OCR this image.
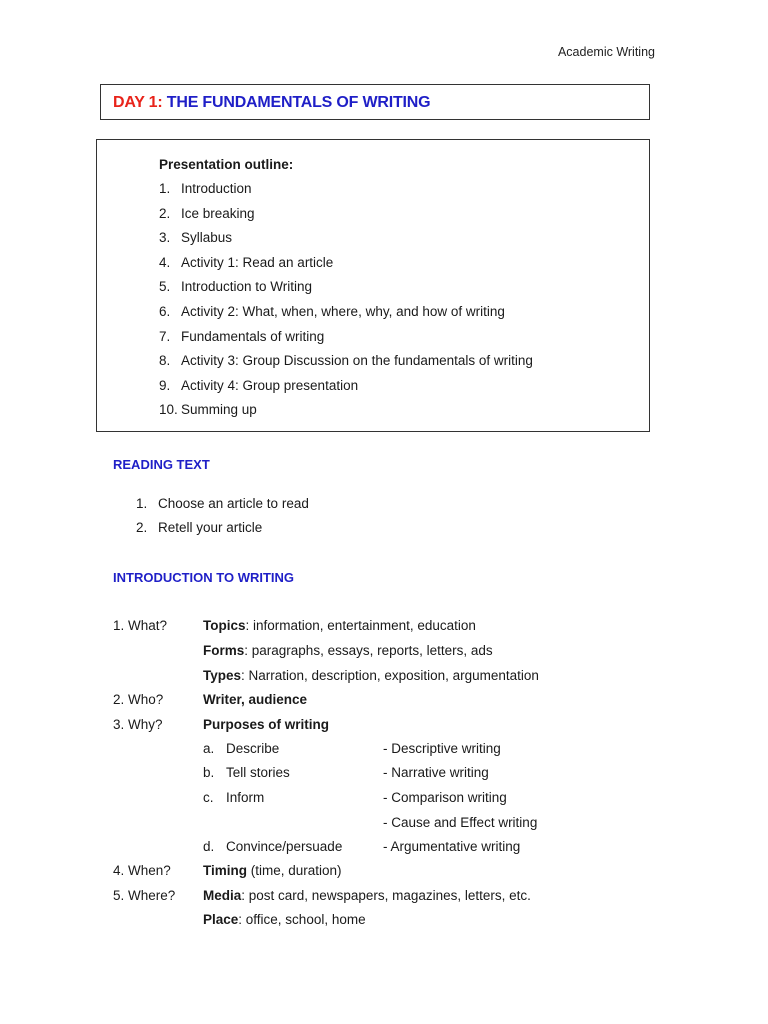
Academic Writing
DAY 1: THE FUNDAMENTALS OF WRITING
Presentation outline:
1. Introduction
2. Ice breaking
3. Syllabus
4. Activity 1: Read an article
5. Introduction to Writing
6. Activity 2: What, when, where, why, and how of writing
7. Fundamentals of writing
8. Activity 3: Group Discussion on the fundamentals of writing
9. Activity 4: Group presentation
10. Summing up
READING TEXT
1. Choose an article to read
2. Retell your article
INTRODUCTION TO WRITING
1. What?	Topics: information, entertainment, education
Forms: paragraphs, essays, reports, letters, ads
Types: Narration, description, exposition, argumentation
2. Who?	Writer, audience
3. Why?	Purposes of writing
a. Describe	- Descriptive writing
b. Tell stories	- Narrative writing
c. Inform	- Comparison writing
- Cause and Effect writing
d. Convince/persuade	- Argumentative writing
4. When? Timing (time, duration)
5. Where? Media: post card, newspapers, magazines, letters, etc.
Place: office, school, home
